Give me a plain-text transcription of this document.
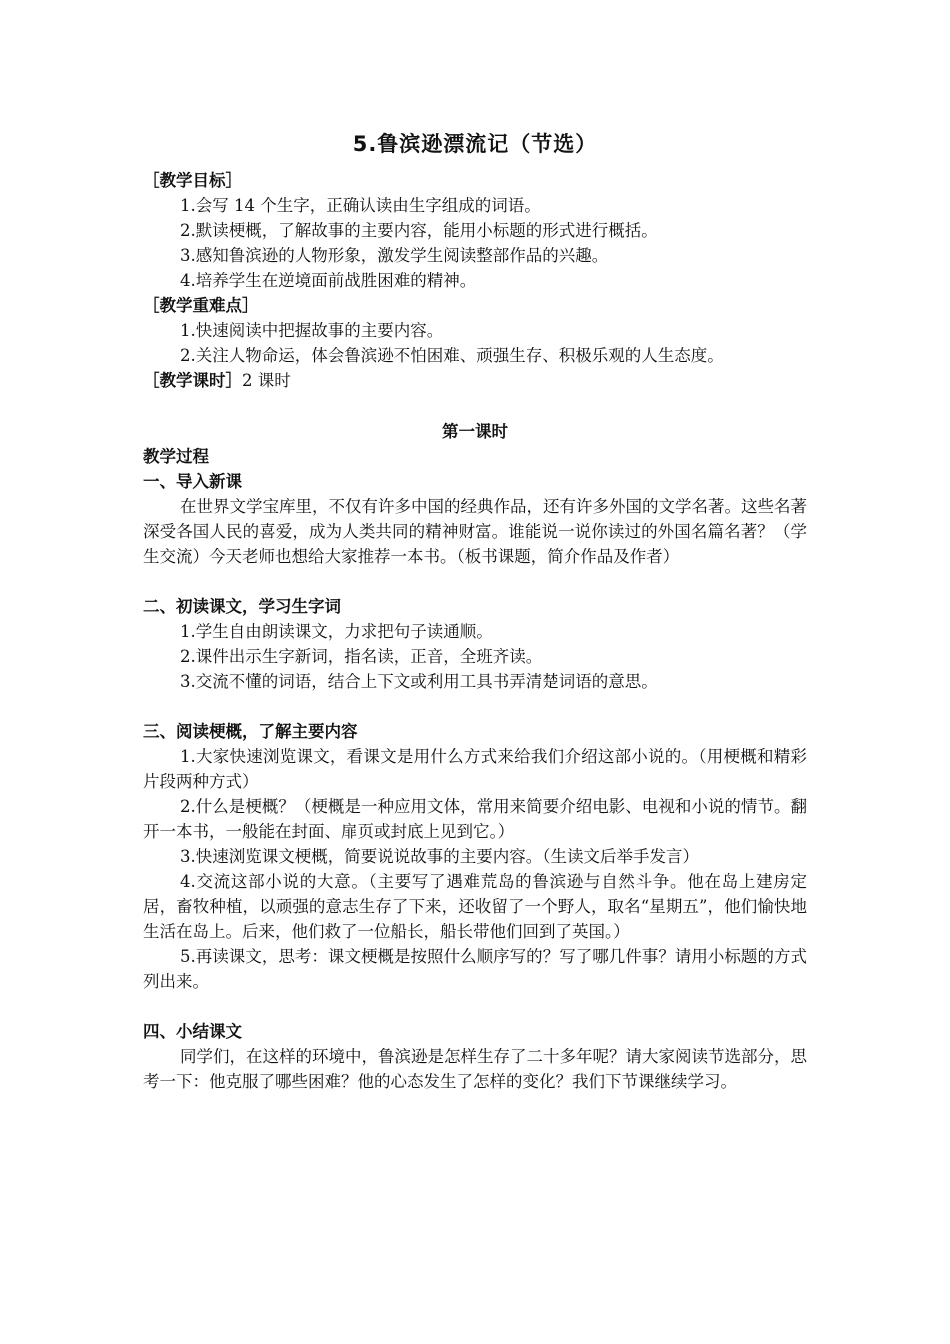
5.鲁滨逊漂流记（节选）
［教学目标］
1.会写 14 个生字，正确认读由生字组成的词语。
2.默读梗概，了解故事的主要内容，能用小标题的形式进行概括。
3.感知鲁滨逊的人物形象，激发学生阅读整部作品的兴趣。
4.培养学生在逆境面前战胜困难的精神。
［教学重难点］
1.快速阅读中把握故事的主要内容。
2.关注人物命运，体会鲁滨逊不怕困难、顽强生存、积极乐观的人生态度。
［教学课时］2 课时
第一课时
教学过程
一、导入新课
在世界文学宝库里，不仅有许多中国的经典作品，还有许多外国的文学名著。这些名著深受各国人民的喜爱，成为人类共同的精神财富。谁能说一说你读过的外国名篇名著？（学生交流）今天老师也想给大家推荐一本书。（板书课题，简介作品及作者）
二、初读课文，学习生字词
1.学生自由朗读课文，力求把句子读通顺。
2.课件出示生字新词，指名读，正音，全班齐读。
3.交流不懂的词语，结合上下文或利用工具书弄清楚词语的意思。
三、阅读梗概，了解主要内容
1.大家快速浏览课文，看课文是用什么方式来给我们介绍这部小说的。（用梗概和精彩片段两种方式）
2.什么是梗概？（梗概是一种应用文体，常用来简要介绍电影、电视和小说的情节。翻开一本书，一般能在封面、扉页或封底上见到它。）
3.快速浏览课文梗概，简要说说故事的主要内容。（生读文后举手发言）
4.交流这部小说的大意。（主要写了遇难荒岛的鲁滨逊与自然斗争。他在岛上建房定居，畜牧种植，以顽强的意志生存了下来，还收留了一个野人，取名“星期五”，他们愉快地生活在岛上。后来，他们救了一位船长，船长带他们回到了英国。）
5.再读课文，思考：课文梗概是按照什么顺序写的？写了哪几件事？请用小标题的方式列出来。
四、小结课文
同学们，在这样的环境中，鲁滨逊是怎样生存了二十多年呢？请大家阅读节选部分，思考一下：他克服了哪些困难？他的心态发生了怎样的变化？我们下节课继续学习。
